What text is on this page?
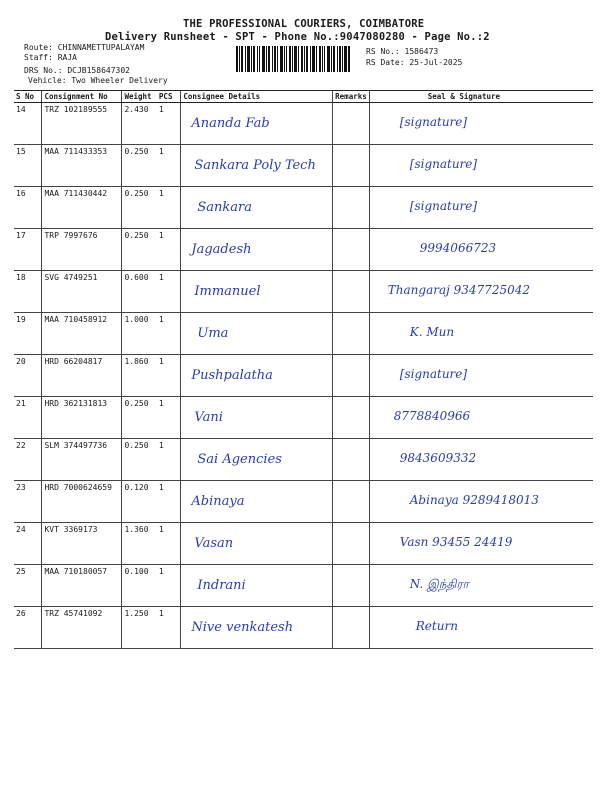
THE PROFESSIONAL COURIERS, COIMBATORE
Delivery Runsheet - SPT - Phone No.:9047080280 - Page No.:2
Route: CHINNAMETTUPALAYAM
Staff: RAJA
DRS No.: DCJB158647302
Vehicle: Two Wheeler Delivery
RS No.: 1586473
RS Date: 25-Jul-2025
S No	Consignment No	Weight	PCS	Consignee Details	Remarks	Seal & Signature
14	TRZ 102189555	2.430	1	Ananda Fab		[signature]

15	MAA 711433353	0.250	1	Sankara Poly Tech		[signature]

16	MAA 711430442	0.250	1	Sankara		[signature]

17	TRP 7997676	0.250	1	Jagadesh		9994066723

18	SVG 4749251	0.600	1	Immanuel		Thangaraj 9347725042

19	MAA 710458912	1.000	1	Uma		K. Mun

20	HRD 66204817	1.860	1	Pushpalatha		[signature]

21	HRD 362131813	0.250	1	Vani		8778840966

22	SLM 374497736	0.250	1	Sai Agencies		9843609332

23	HRD 7000624659	0.120	1	Abinaya		Abinaya 9289418013

24	KVT 3369173	1.360	1	Vasan		Vasn 93455 24419

25	MAA 710180057	0.100	1	Indrani		N. இந்திரா

26	TRZ 45741092	1.250	1	Nive venkatesh		Return
